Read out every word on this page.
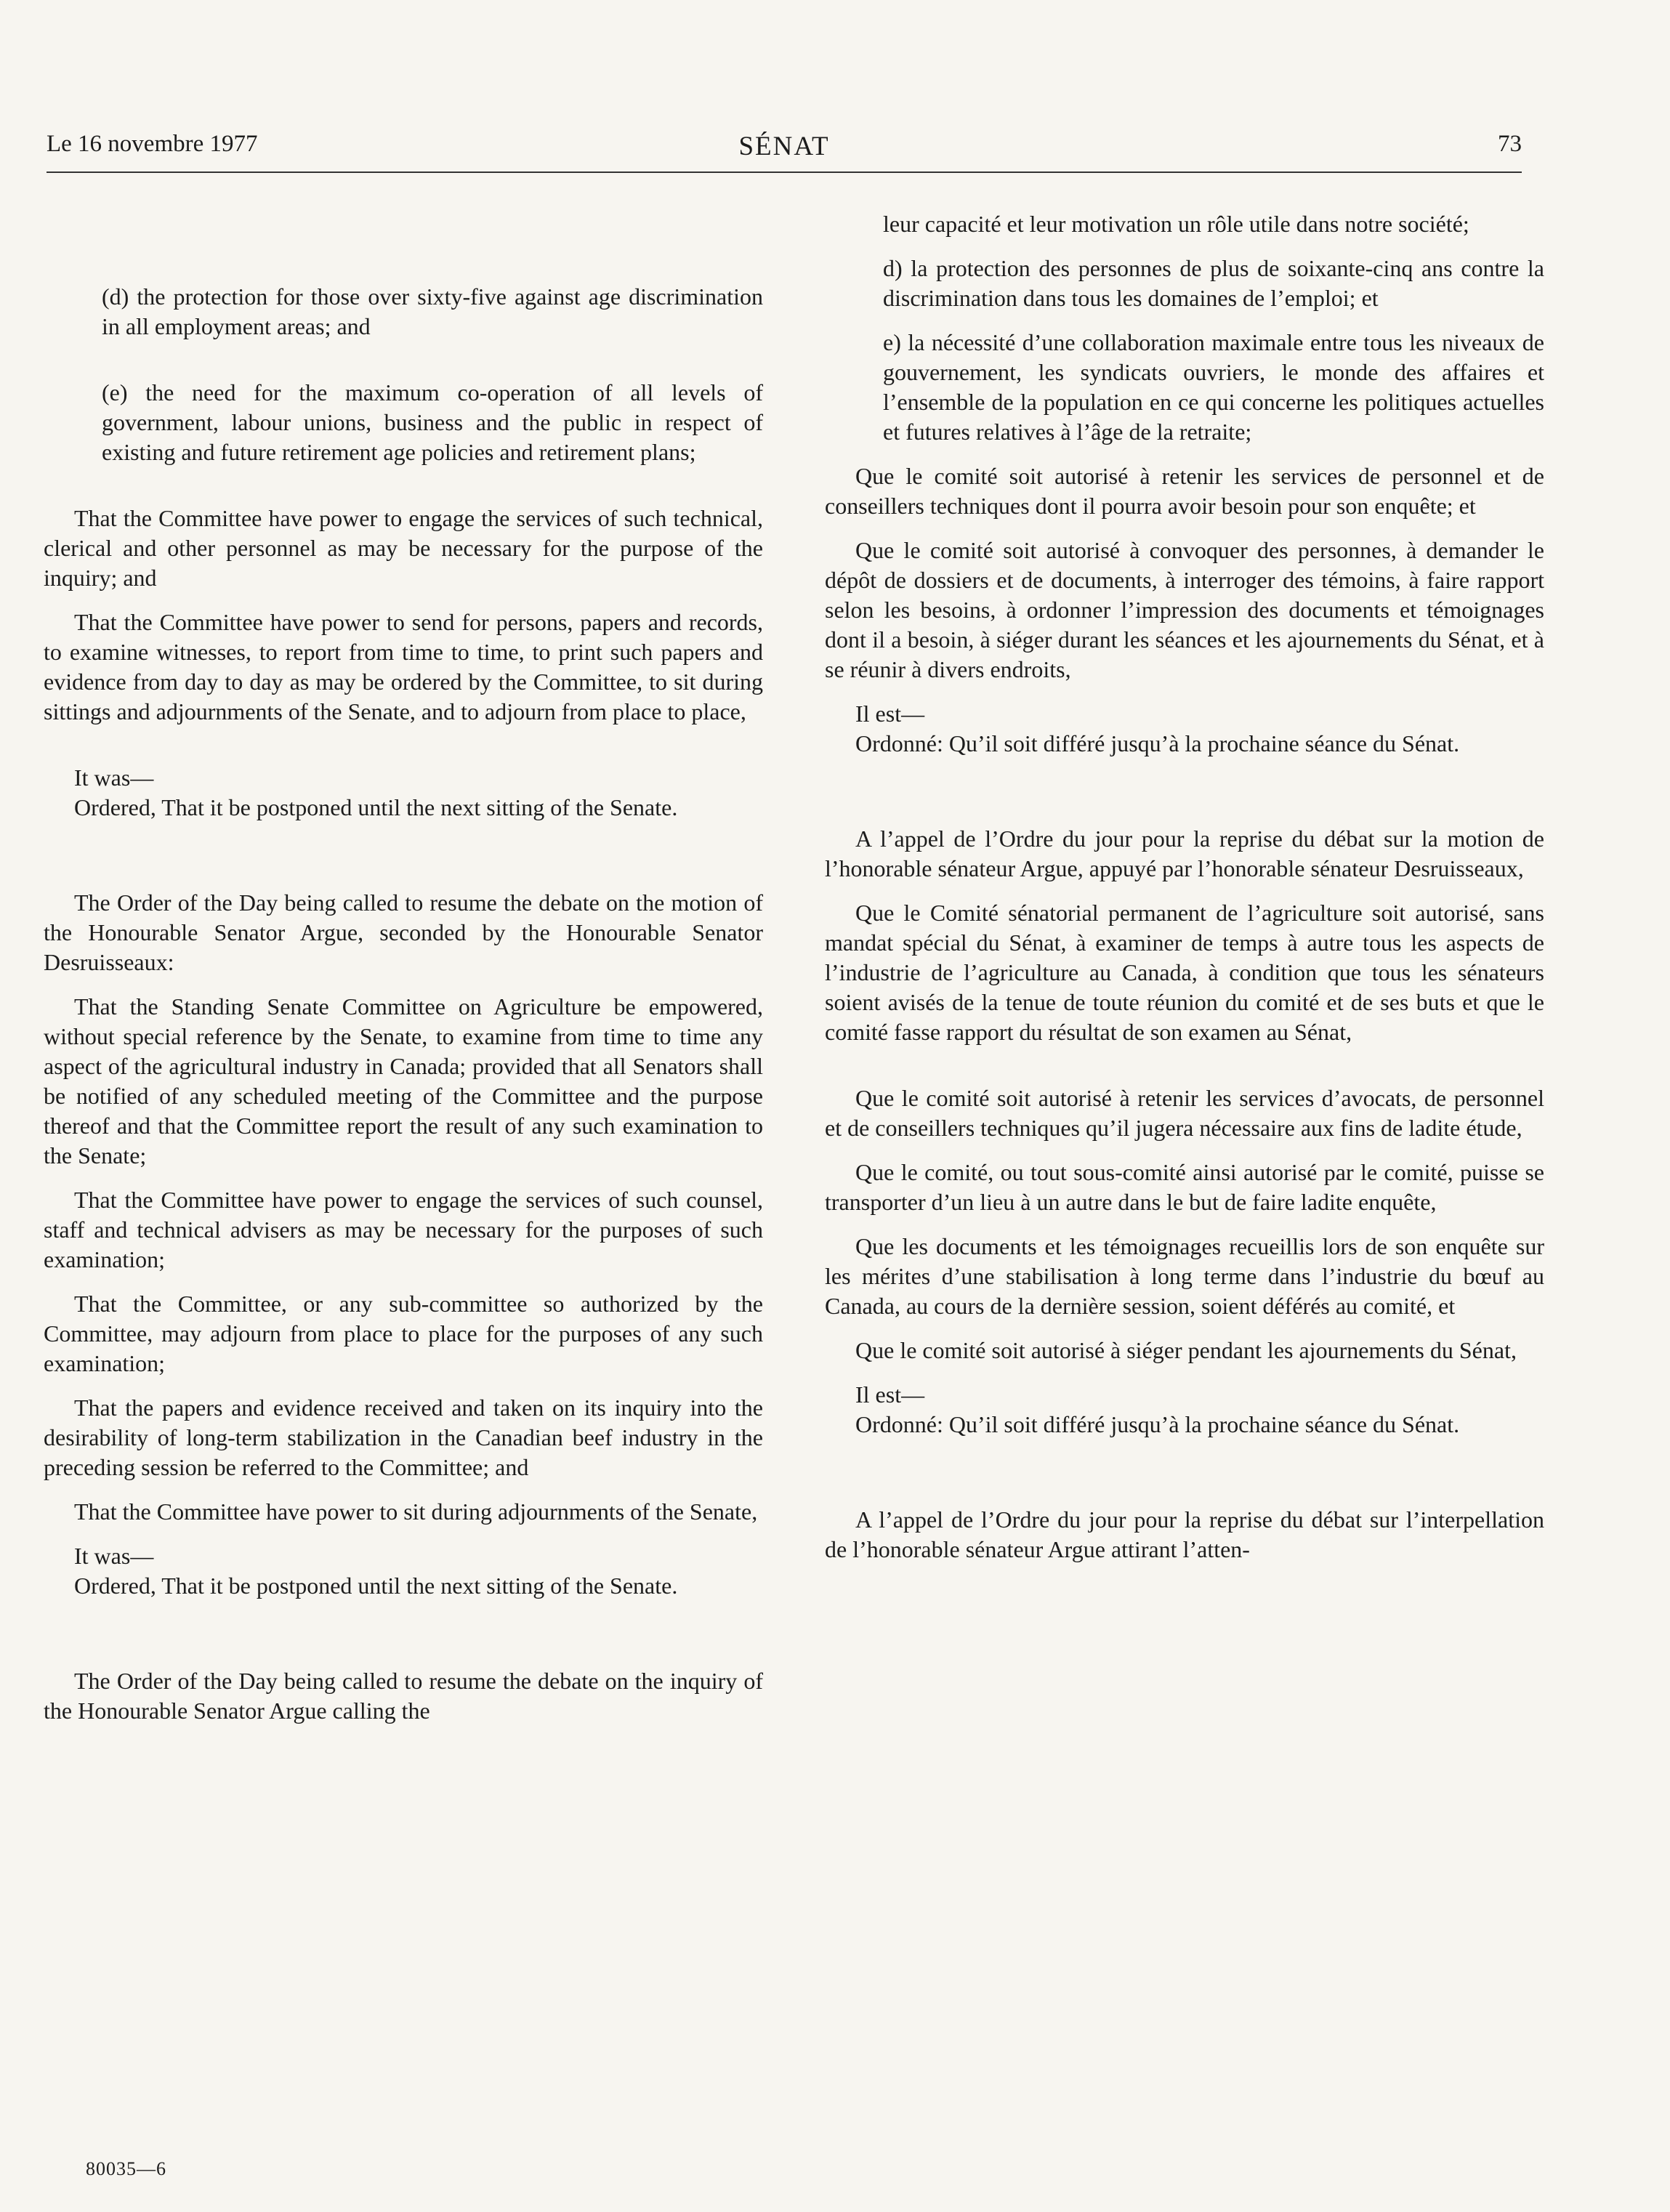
Le 16 novembre 1977	SÉNAT	73

(d) the protection for those over sixty-five against age discrimination in all employment areas; and

(e) the need for the maximum co-operation of all levels of government, labour unions, business and the public in respect of existing and future retirement age policies and retirement plans;

That the Committee have power to engage the services of such technical, clerical and other personnel as may be necessary for the purpose of the inquiry; and

That the Committee have power to send for persons, papers and records, to examine witnesses, to report from time to time, to print such papers and evidence from day to day as may be ordered by the Committee, to sit during sittings and adjournments of the Senate, and to adjourn from place to place,

It was—

Ordered, That it be postponed until the next sitting of the Senate.

The Order of the Day being called to resume the debate on the motion of the Honourable Senator Argue, seconded by the Honourable Senator Desruisseaux:

That the Standing Senate Committee on Agriculture be empowered, without special reference by the Senate, to examine from time to time any aspect of the agricultural industry in Canada; provided that all Senators shall be notified of any scheduled meeting of the Committee and the purpose thereof and that the Committee report the result of any such examination to the Senate;

That the Committee have power to engage the services of such counsel, staff and technical advisers as may be necessary for the purposes of such examination;

That the Committee, or any sub-committee so authorized by the Committee, may adjourn from place to place for the purposes of any such examination;

That the papers and evidence received and taken on its inquiry into the desirability of long-term stabilization in the Canadian beef industry in the preceding session be referred to the Committee; and

That the Committee have power to sit during adjournments of the Senate,

It was—

Ordered, That it be postponed until the next sitting of the Senate.

The Order of the Day being called to resume the debate on the inquiry of the Honourable Senator Argue calling the

leur capacité et leur motivation un rôle utile dans notre société;

d) la protection des personnes de plus de soixante-cinq ans contre la discrimination dans tous les domaines de l’emploi; et

e) la nécessité d’une collaboration maximale entre tous les niveaux de gouvernement, les syndicats ouvriers, le monde des affaires et l’ensemble de la population en ce qui concerne les politiques actuelles et futures relatives à l’âge de la retraite;

Que le comité soit autorisé à retenir les services de personnel et de conseillers techniques dont il pourra avoir besoin pour son enquête; et

Que le comité soit autorisé à convoquer des personnes, à demander le dépôt de dossiers et de documents, à interroger des témoins, à faire rapport selon les besoins, à ordonner l’impression des documents et témoignages dont il a besoin, à siéger durant les séances et les ajournements du Sénat, et à se réunir à divers endroits,

Il est—

Ordonné: Qu’il soit différé jusqu’à la prochaine séance du Sénat.

A l’appel de l’Ordre du jour pour la reprise du débat sur la motion de l’honorable sénateur Argue, appuyé par l’honorable sénateur Desruisseaux,

Que le Comité sénatorial permanent de l’agriculture soit autorisé, sans mandat spécial du Sénat, à examiner de temps à autre tous les aspects de l’industrie de l’agriculture au Canada, à condition que tous les sénateurs soient avisés de la tenue de toute réunion du comité et de ses buts et que le comité fasse rapport du résultat de son examen au Sénat,

Que le comité soit autorisé à retenir les services d’avocats, de personnel et de conseillers techniques qu’il jugera nécessaire aux fins de ladite étude,

Que le comité, ou tout sous-comité ainsi autorisé par le comité, puisse se transporter d’un lieu à un autre dans le but de faire ladite enquête,

Que les documents et les témoignages recueillis lors de son enquête sur les mérites d’une stabilisation à long terme dans l’industrie du bœuf au Canada, au cours de la dernière session, soient déférés au comité, et

Que le comité soit autorisé à siéger pendant les ajournements du Sénat,

Il est—

Ordonné: Qu’il soit différé jusqu’à la prochaine séance du Sénat.

A l’appel de l’Ordre du jour pour la reprise du débat sur l’interpellation de l’honorable sénateur Argue attirant l’atten-

80035—6
